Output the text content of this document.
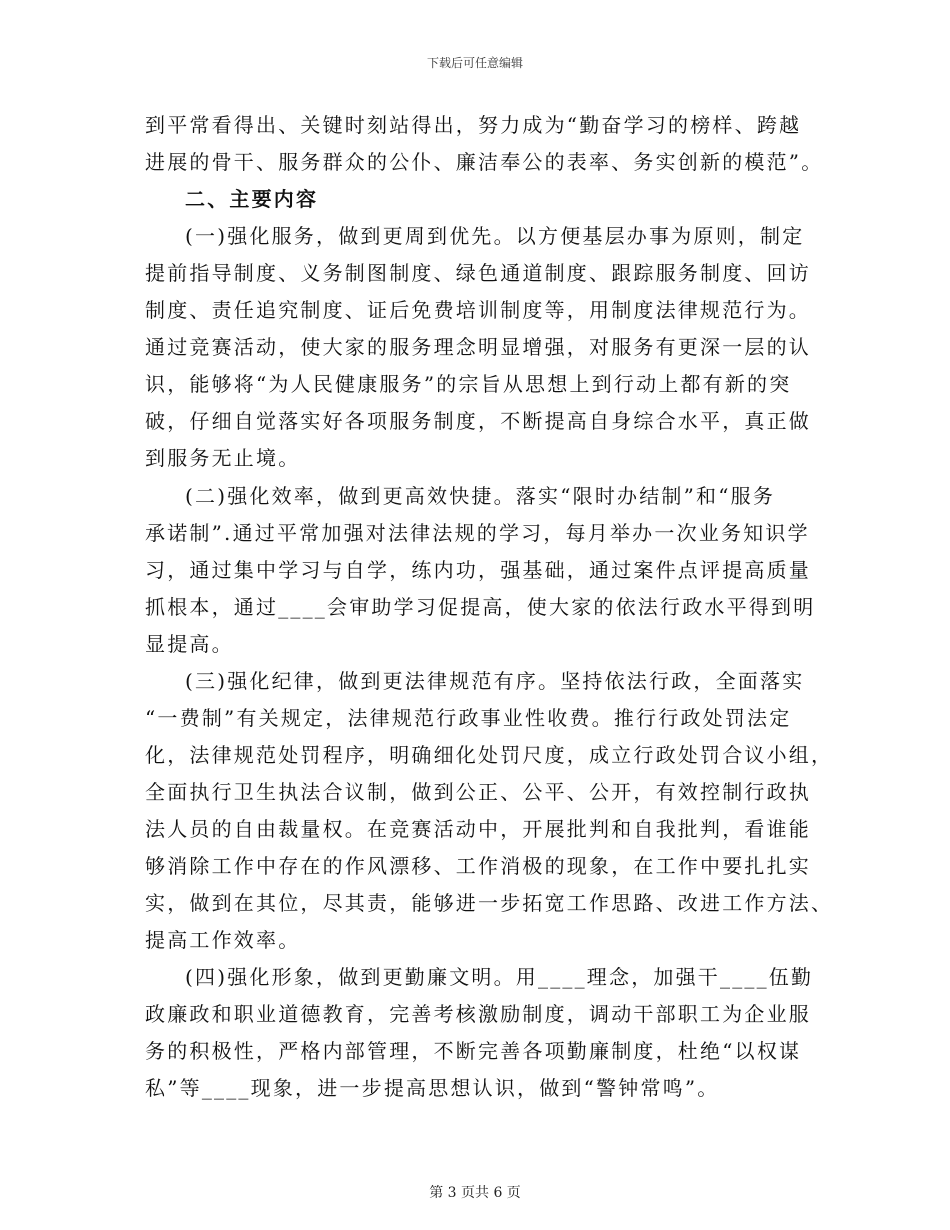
下载后可任意编辑
到平常看得出、关键时刻站得出，努力成为“勤奋学习的榜样、跨越
进展的骨干、服务群众的公仆、廉洁奉公的表率、务实创新的模范”。
二、主要内容
(一)强化服务，做到更周到优先。以方便基层办事为原则，制定
提前指导制度、义务制图制度、绿色通道制度、跟踪服务制度、回访
制度、责任追究制度、证后免费培训制度等，用制度法律规范行为。
通过竞赛活动，使大家的服务理念明显增强，对服务有更深一层的认
识，能够将“为人民健康服务”的宗旨从思想上到行动上都有新的突
破，仔细自觉落实好各项服务制度，不断提高自身综合水平，真正做
到服务无止境。
(二)强化效率，做到更高效快捷。落实“限时办结制”和“服务
承诺制”.通过平常加强对法律法规的学习，每月举办一次业务知识学
习，通过集中学习与自学，练内功，强基础，通过案件点评提高质量
抓根本，通过____会审助学习促提高，使大家的依法行政水平得到明
显提高。
(三)强化纪律，做到更法律规范有序。坚持依法行政，全面落实
“一费制”有关规定，法律规范行政事业性收费。推行行政处罚法定
化，法律规范处罚程序，明确细化处罚尺度，成立行政处罚合议小组，
全面执行卫生执法合议制，做到公正、公平、公开，有效控制行政执
法人员的自由裁量权。在竞赛活动中，开展批判和自我批判，看谁能
够消除工作中存在的作风漂移、工作消极的现象，在工作中要扎扎实
实，做到在其位，尽其责，能够进一步拓宽工作思路、改进工作方法、
提高工作效率。
(四)强化形象，做到更勤廉文明。用____理念，加强干____伍勤
政廉政和职业道德教育，完善考核激励制度，调动干部职工为企业服
务的积极性，严格内部管理，不断完善各项勤廉制度，杜绝“以权谋
私”等____现象，进一步提高思想认识，做到“警钟常鸣”。
第 3 页共 6 页
